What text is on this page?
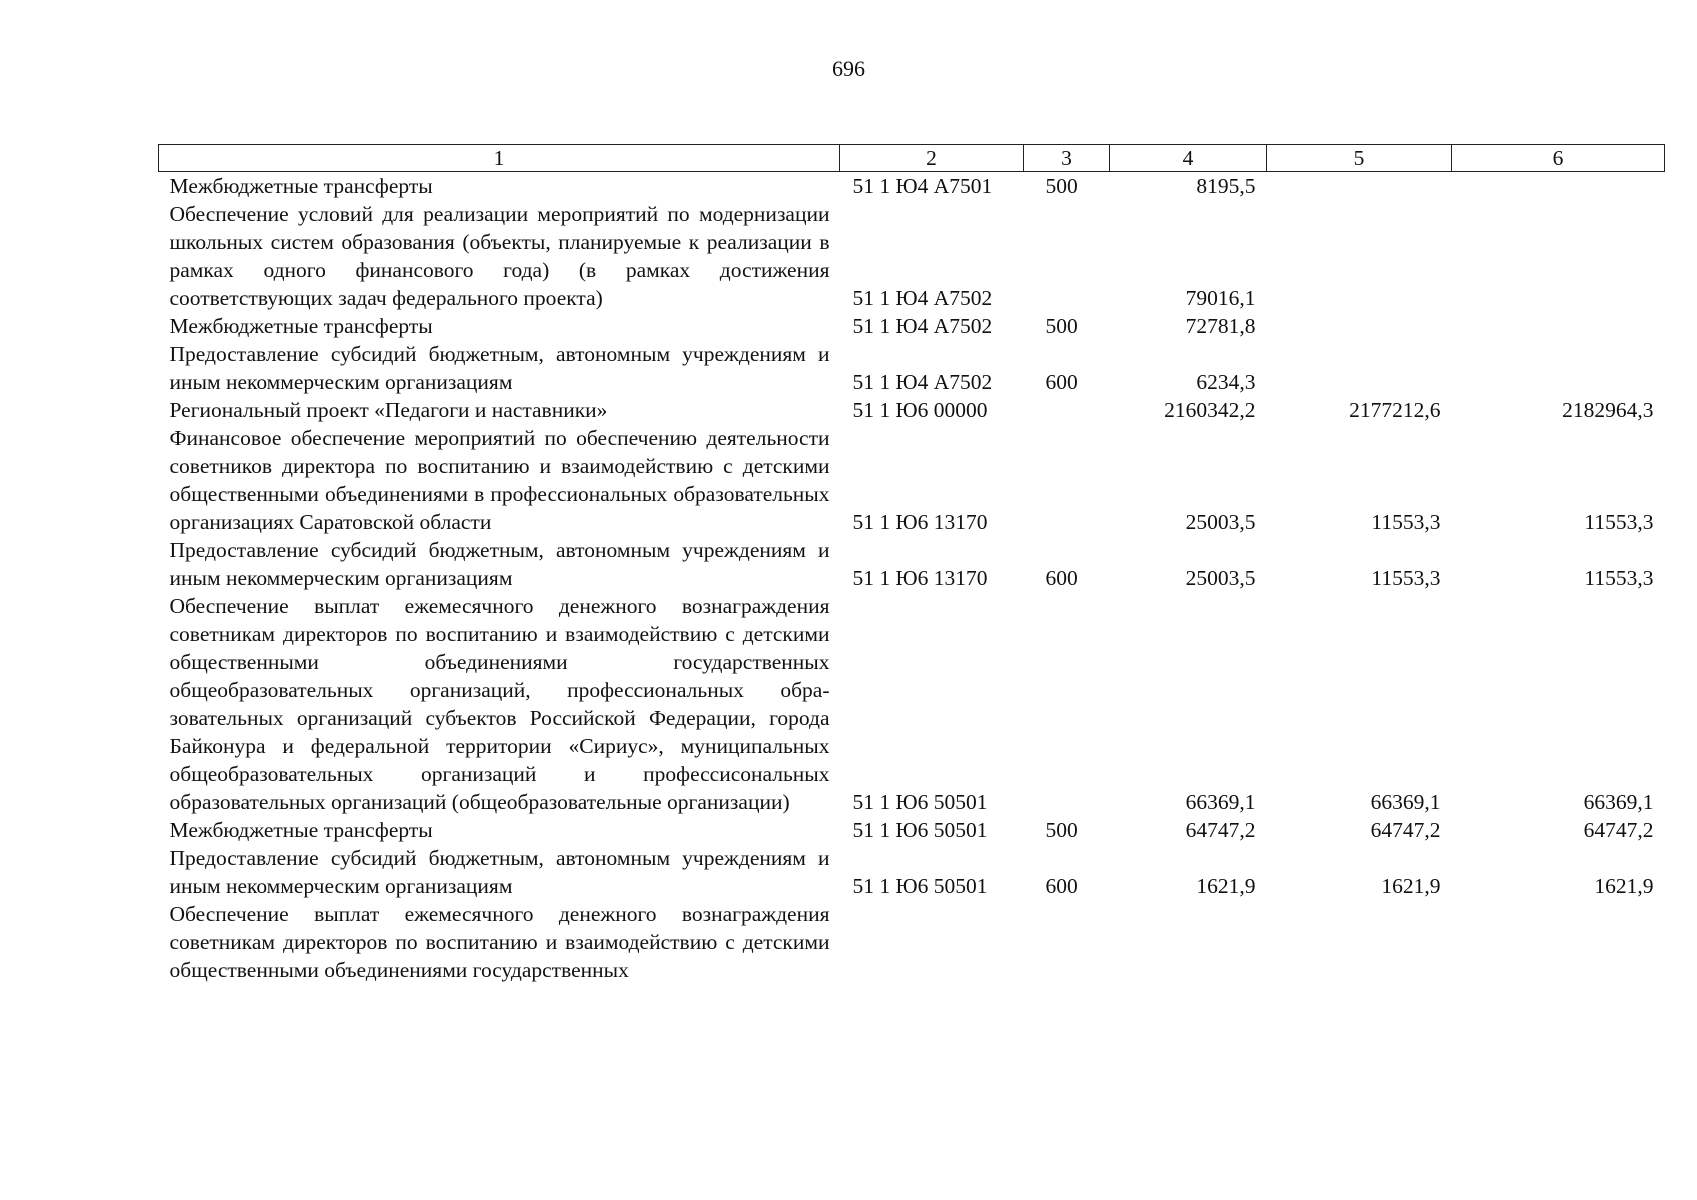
696
1	2	3	4	5	6
Межбюджетные трансферты	51 1 Ю4 А7501	500	8195,5		
Обеспечение условий для реализации мероприятий по модернизации школьных систем образования (объекты, планируемые к реализации в рамках одного финансового года) (в рамках достижения соответствующих задач федерального проекта)	51 1 Ю4 А7502		79016,1		
Межбюджетные трансферты	51 1 Ю4 А7502	500	72781,8		
Предоставление субсидий бюджетным, автономным учреждениям и иным некоммерческим организациям	51 1 Ю4 А7502	600	6234,3		
Региональный проект «Педагоги и наставники»	51 1 Ю6 00000		2160342,2	2177212,6	2182964,3
Финансовое обеспечение мероприятий по обеспечению деятельности советников директора по воспитанию и взаимодействию с детскими общественными объединениями в профессиональных образовательных организациях Саратовской области	51 1 Ю6 13170		25003,5	11553,3	11553,3
Предоставление субсидий бюджетным, автономным учреждениям и иным некоммерческим организациям	51 1 Ю6 13170	600	25003,5	11553,3	11553,3
Обеспечение выплат ежемесячного денежного вознаграждения советникам директоров по воспитанию и взаимодействию с детскими общественными объединениями государственных общеобразовательных организаций, профессиональных образовательных организаций субъектов Российской Федерации, города Байконура и федеральной территории «Сириус», муниципальных общеобразовательных организаций и профессисональных образовательных организаций (общеобразовательные организации)	51 1 Ю6 50501		66369,1	66369,1	66369,1
Межбюджетные трансферты	51 1 Ю6 50501	500	64747,2	64747,2	64747,2
Предоставление субсидий бюджетным, автономным учреждениям и иным некоммерческим организациям	51 1 Ю6 50501	600	1621,9	1621,9	1621,9
Обеспечение выплат ежемесячного денежного вознаграждения советникам директоров по воспитанию и взаимодействию с детскими общественными объединениями государственных					
